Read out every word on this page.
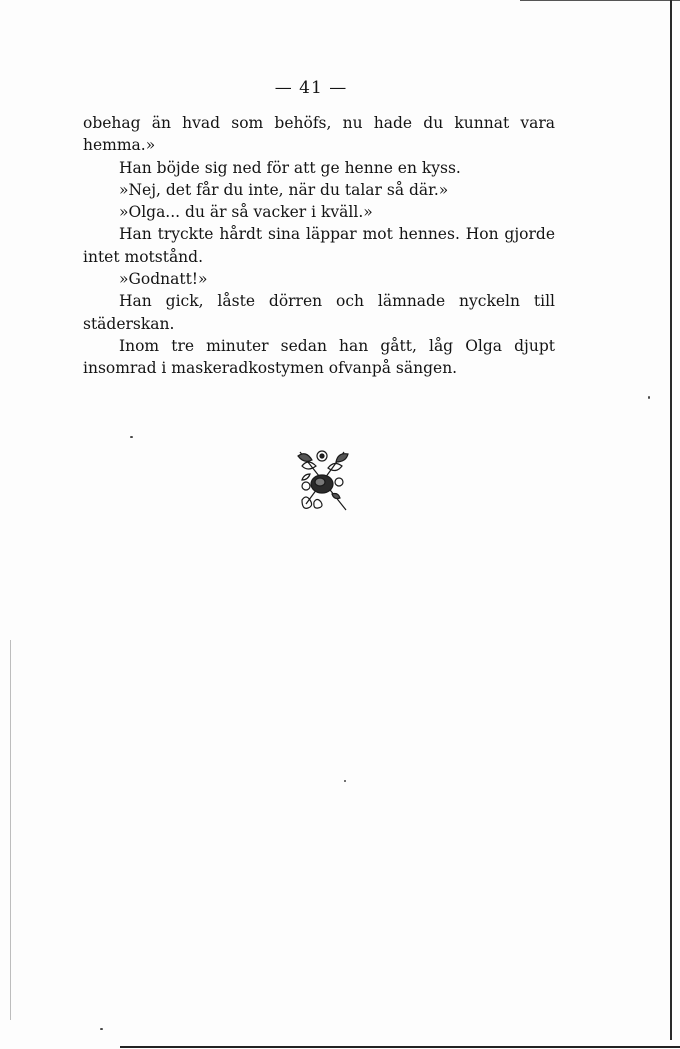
— 41 —

obehag än hvad som behöfs, nu hade du kunnat vara hemma.»

Han böjde sig ned för att ge henne en kyss.

»Nej, det får du inte, när du talar så där.»

»Olga... du är så vacker i kväll.»

Han tryckte hårdt sina läppar mot hennes. Hon gjorde intet motstånd.

»Godnatt!»

Han gick, låste dörren och lämnade nyckeln till städerskan.

Inom tre minuter sedan han gått, låg Olga djupt insomrad i maskeradkostymen ofvanpå sängen.
